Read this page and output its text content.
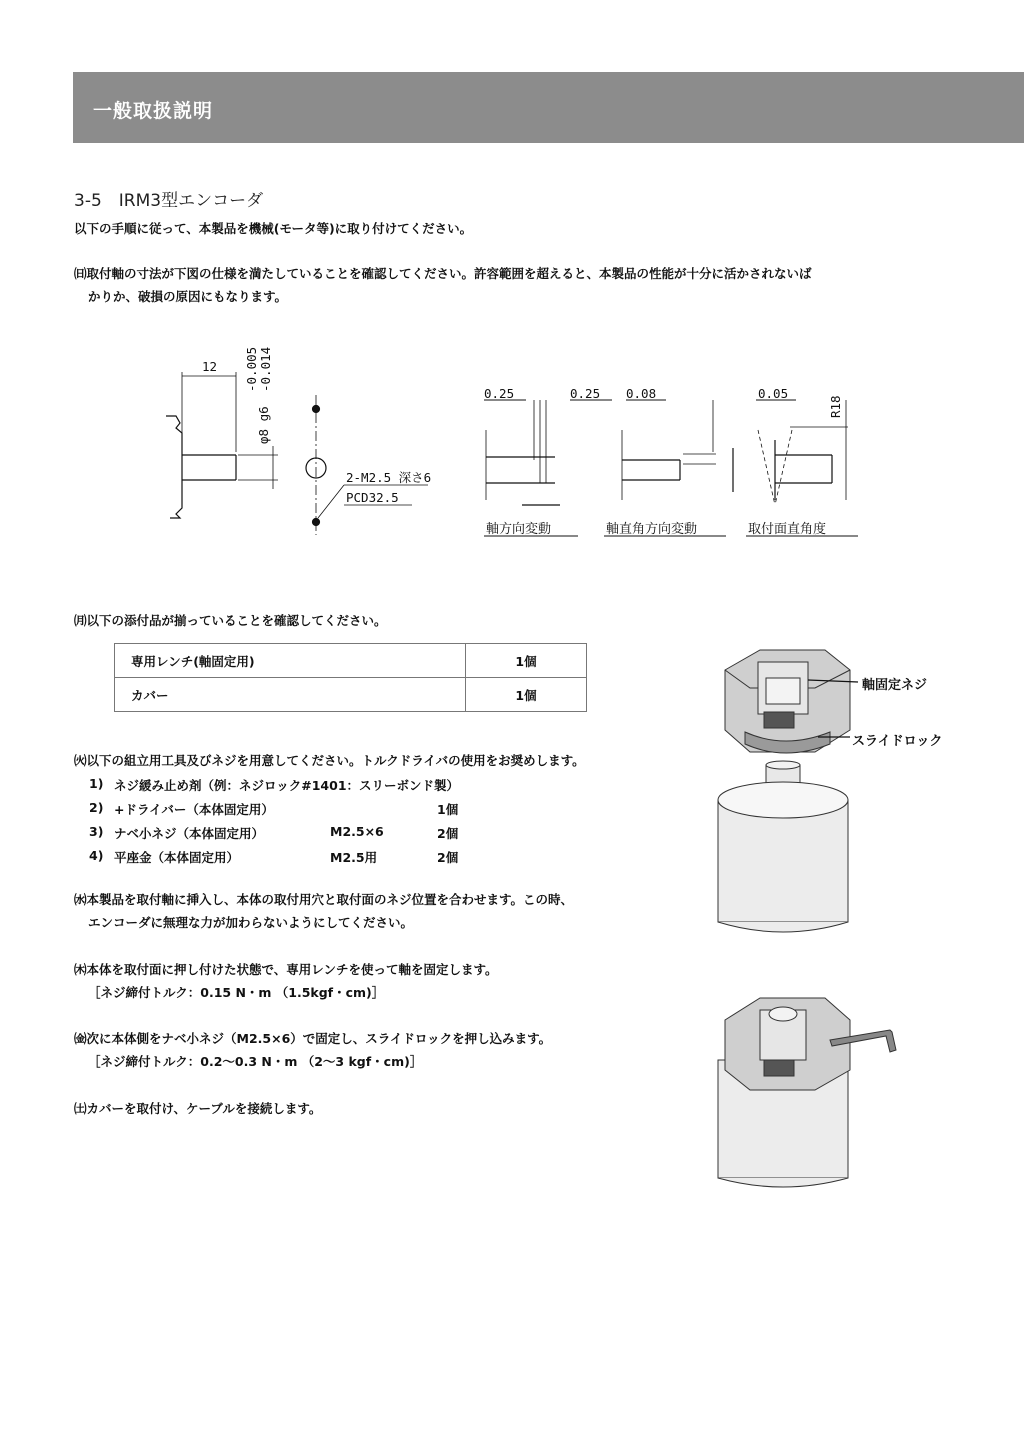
一般取扱説明
3-5　IRM3型エンコーダ
以下の手順に従って、本製品を機械(モータ等)に取り付けてください。
㈰取付軸の寸法が下図の仕様を満たしていることを確認してください。許容範囲を超えると、本製品の性能が十分に活かされないば
かりか、破損の原因にもなります。
12 -0.005 -0.014
φ8 g6
2-M2.5 深さ6
PCD32.5
0.25	0.25 0.08	0.05
R18
軸方向変動	軸直角方向変動	取付面直角度
㈪以下の添付品が揃っていることを確認してください。
専用レンチ(軸固定用)	1個
カバー	1個
㈫以下の組立用工具及びネジを用意してください。トルクドライバの使用をお奨めします。
1) ネジ緩み止め剤（例：ネジロック#1401：スリーボンド製）
2) +ドライバー（本体固定用）	1個
3) ナベ小ネジ（本体固定用）	M2.5×6	2個
4) 平座金（本体固定用）	M2.5用	2個
㈬本製品を取付軸に挿入し、本体の取付用穴と取付面のネジ位置を合わせます。この時、
エンコーダに無理な力が加わらないようにしてください。
㈭本体を取付面に押し付けた状態で、専用レンチを使って軸を固定します。
［ネジ締付トルク：0.15 N・m （1.5kgf・cm)］
㈮次に本体側をナベ小ネジ（M2.5×6）で固定し、スライドロックを押し込みます。
［ネジ締付トルク：0.2～0.3 N・m （2～3 kgf・cm)］
㈯カバーを取付け、ケーブルを接続します。
軸固定ネジ
スライドロック
